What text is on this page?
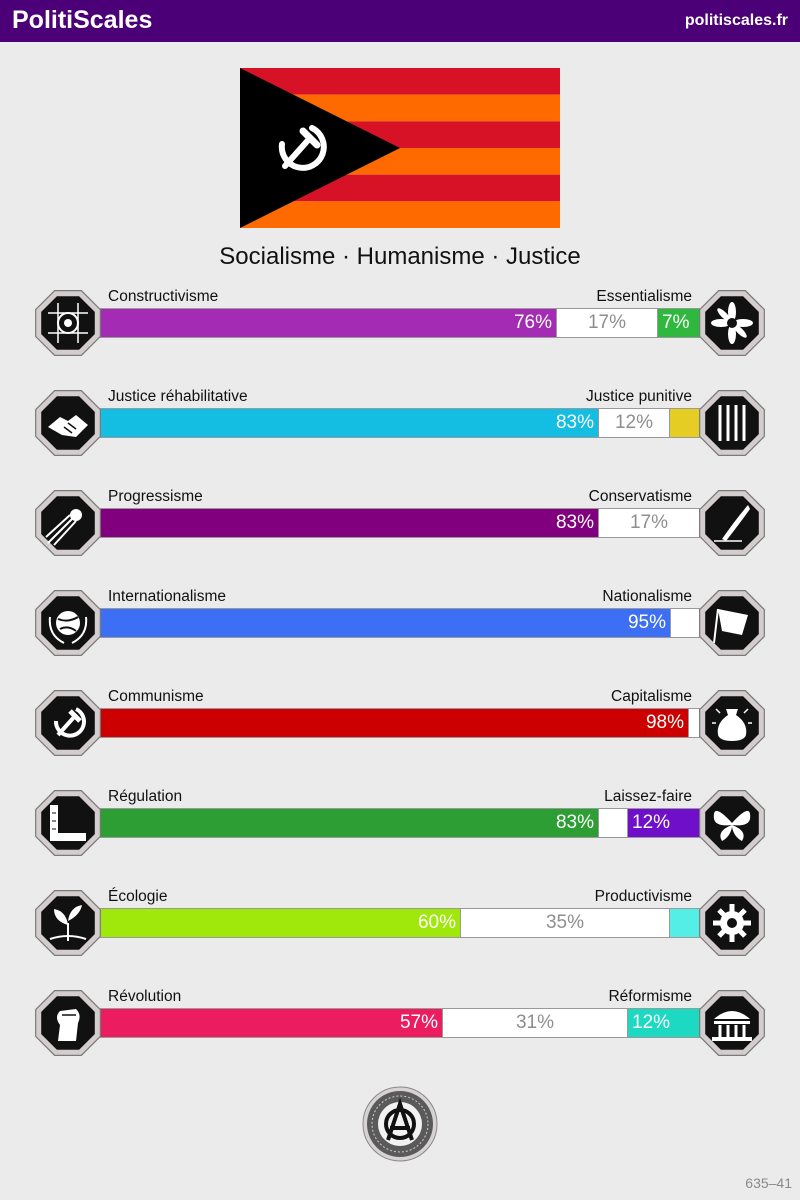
PolitiScales	politiscales.fr
Socialisme · Humanisme · Justice
Constructivisme	Essentialisme
76%	17%	7%
Justice réhabilitative	Justice punitive
83%	12%
Progressisme	Conservatisme
83%	17%
Internationalisme	Nationalisme
95%
Communisme	Capitalisme
98%
Régulation	Laissez-faire
83% 12%
Écologie	Productivisme
60%	35%
Révolution	Réformisme
57%	31%	12%
635–41
